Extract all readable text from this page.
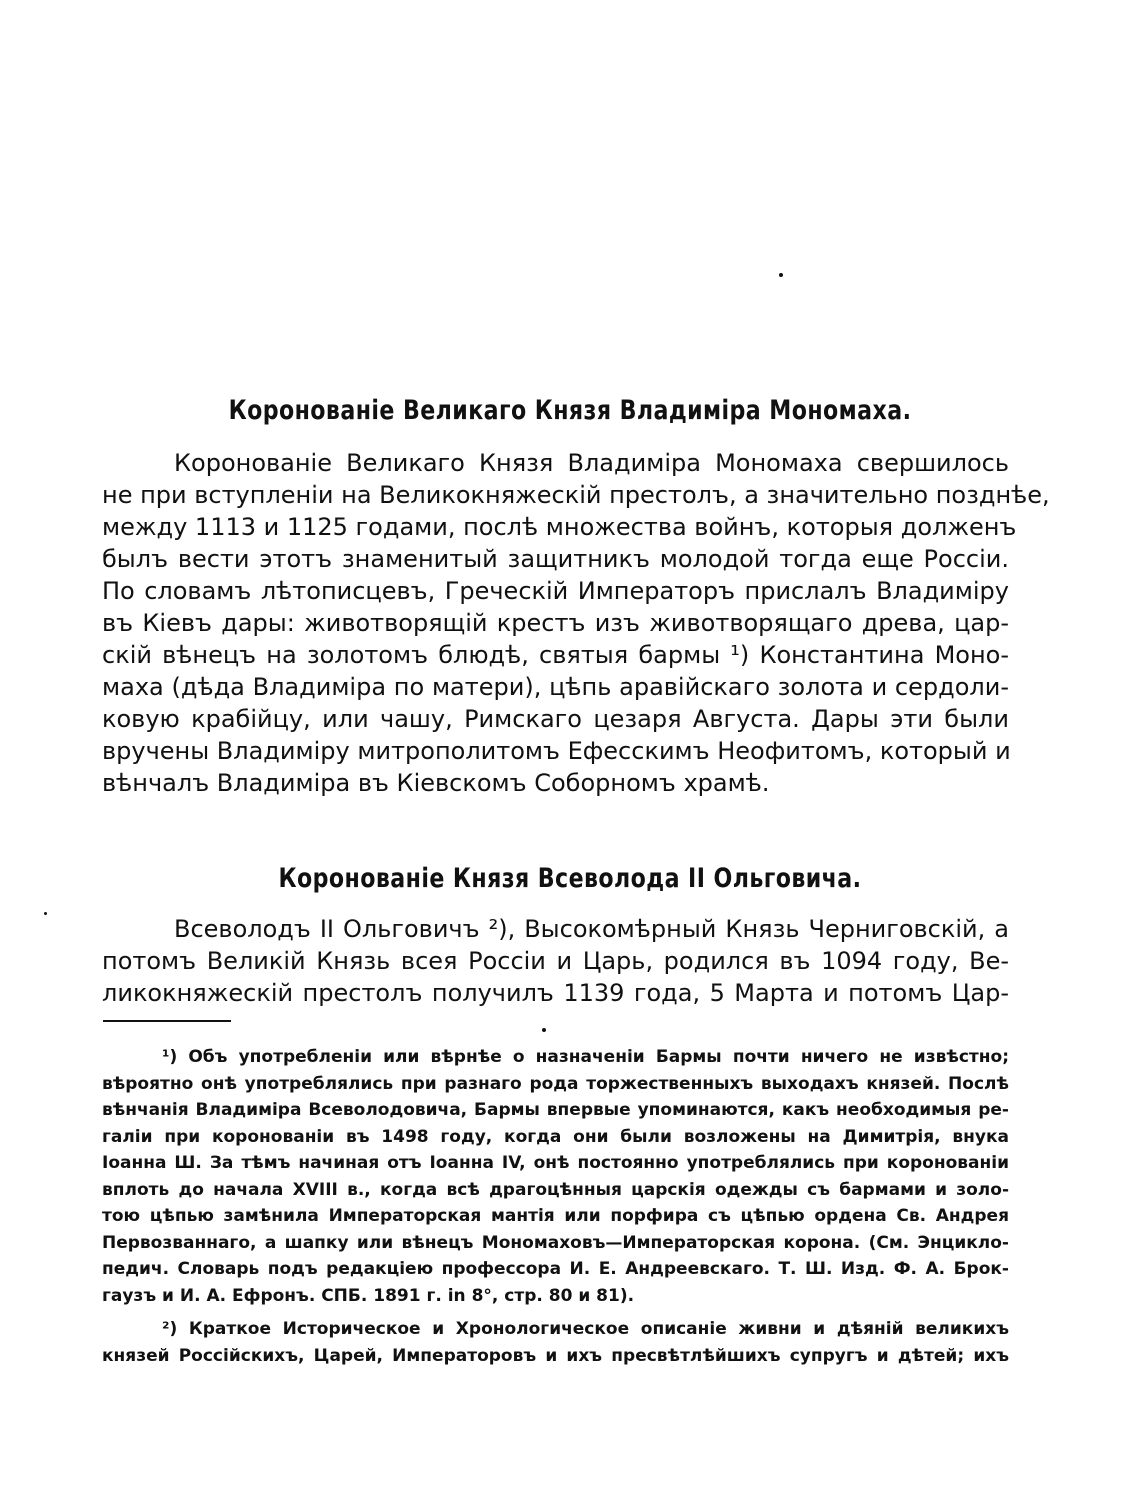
Коронованіе Великаго Князя Владиміра Мономаха.
Коронованіе Великаго Князя Владиміра Мономаха свершилось
не при вступленіи на Великокняжескій престолъ, а значительно позднѣе,
между 1113 и 1125 годами, послѣ множества войнъ, которыя долженъ
былъ вести этотъ знаменитый защитникъ молодой тогда еще Россіи.
По словамъ лѣтописцевъ, Греческій Императоръ прислалъ Владиміру
въ Кіевъ дары: животворящій крестъ изъ животворящаго древа, цар-
скій вѣнецъ на золотомъ блюдѣ, святыя бармы ¹) Константина Моно-
маха (дѣда Владиміра по матери), цѣпь аравійскаго золота и сердоли-
ковую крабійцу, или чашу, Римскаго цезаря Августа. Дары эти были
вручены Владиміру митрополитомъ Ефесскимъ Неофитомъ, который и
вѣнчалъ Владиміра въ Кіевскомъ Соборномъ храмѣ.
Коронованіе Князя Всеволода II Ольговича.
Всеволодъ II Ольговичъ ²), Высокомѣрный Князь Черниговскій, а
потомъ Великій Князь всея Россіи и Царь, родился въ 1094 году, Ве-
ликокняжескій престолъ получилъ 1139 года, 5 Марта и потомъ Цар-
¹) Объ употребленіи или вѣрнѣе о назначеніи Бармы почти ничего не извѣстно;
вѣроятно онѣ употреблялись при разнаго рода торжественныхъ выходахъ князей. Послѣ
вѣнчанія Владиміра Всеволодовича, Бармы впервые упоминаются, какъ необходимыя ре-
галіи при коронованіи въ 1498 году, когда они были возложены на Димитрія, внука
Іоанна Ш. За тѣмъ начиная отъ Іоанна IV, онѣ постоянно употреблялись при коронованіи
вплоть до начала XVIII в., когда всѣ драгоцѣнныя царскія одежды съ бармами и золо-
тою цѣпью замѣнила Императорская мантія или порфира съ цѣпью ордена Св. Андрея
Первозваннаго, а шапку или вѣнецъ Мономаховъ—Императорская корона. (См. Энцикло-
педич. Словарь подъ редакціею профессора И. Е. Андреевскаго. Т. Ш. Изд. Ф. А. Брок-
гаузъ и И. А. Ефронъ. СПБ. 1891 г. in 8°, стр. 80 и 81).
²) Краткое Историческое и Хронологическое описаніе живни и дѣяній великихъ
князей Россійскихъ, Царей, Императоровъ и ихъ пресвѣтлѣйшихъ супругъ и дѣтей; ихъ
